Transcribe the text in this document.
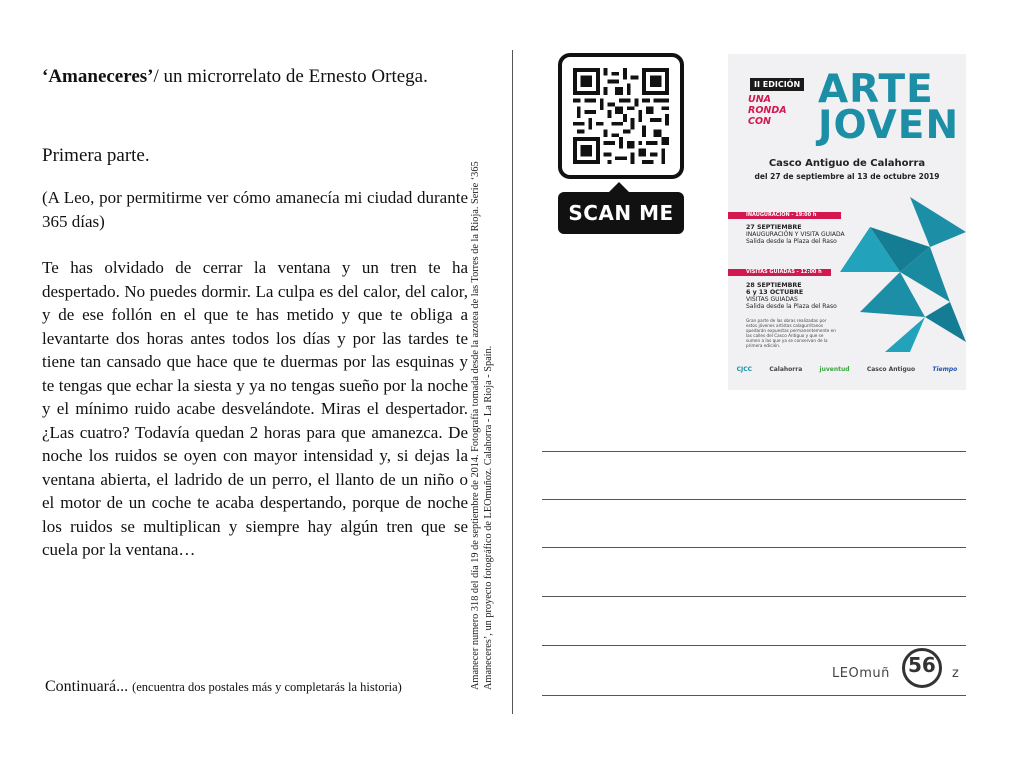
‘Amaneceres’/ un microrrelato de Ernesto Ortega.
Primera parte.
(A Leo, por permitirme ver cómo amanecía mi ciudad durante 365 días)
Te has olvidado de cerrar la ventana y un tren te ha despertado. No puedes dormir. La culpa es del calor, del calor, y de ese follón en el que te has metido y que te obliga a levantarte dos horas antes todos los días y por las tardes te tiene tan cansado que hace que te duermas por las esquinas y te tengas que echar la siesta y ya no tengas sueño por la noche y el mínimo ruido acabe desvelándote. Miras el despertador. ¿Las cuatro? Todavía quedan 2 horas para que amanezca. De noche los ruidos se oyen con mayor intensidad y, si dejas la ventana abierta, el ladrido de un perro, el llanto de un niño o el motor de un coche te acaba despertando, porque de noche los ruidos se multiplican y siempre hay algún tren que se cuela por la ventana…
Continuará... (encuentra dos postales más y completarás la historia)	Amanecer numero 318 del día 19 de septiembre de 2014. Fotografía tomada desde la azotea de las Torres de la Rioja. Serie ‘365
Amaneceres’, un proyecto fotográfico de LEOmuñoz. Calahorra - La Rioja - Spain.
SCAN ME
II EDICIÓN
UNA RONDA CON
ARTE
JOVEN
Casco Antiguo de Calahorra
del 27 de septiembre al 13 de octubre 2019
INAUGURACIÓN - 19:00 h
27 SEPTIEMBRE
INAUGURACIÓN Y VISITA GUIADA
Salida desde la Plaza del Raso
VISITAS GUIADAS - 12:00 h
28 SEPTIEMBRE
6 y 13 OCTUBRE
VISITAS GUIADAS
Salida desde la Plaza del Raso
Gran parte de las obras realizadas por estos jóvenes artistas calagurritanos quedarán expuestas permanentemente en las calles del Casco Antiguo y que se sumen a las que ya se conservan de la primera edición.
CJCC	Calahorra	juventud	Casco Antiguo	Tiempo
LEOmuñ 56 z
